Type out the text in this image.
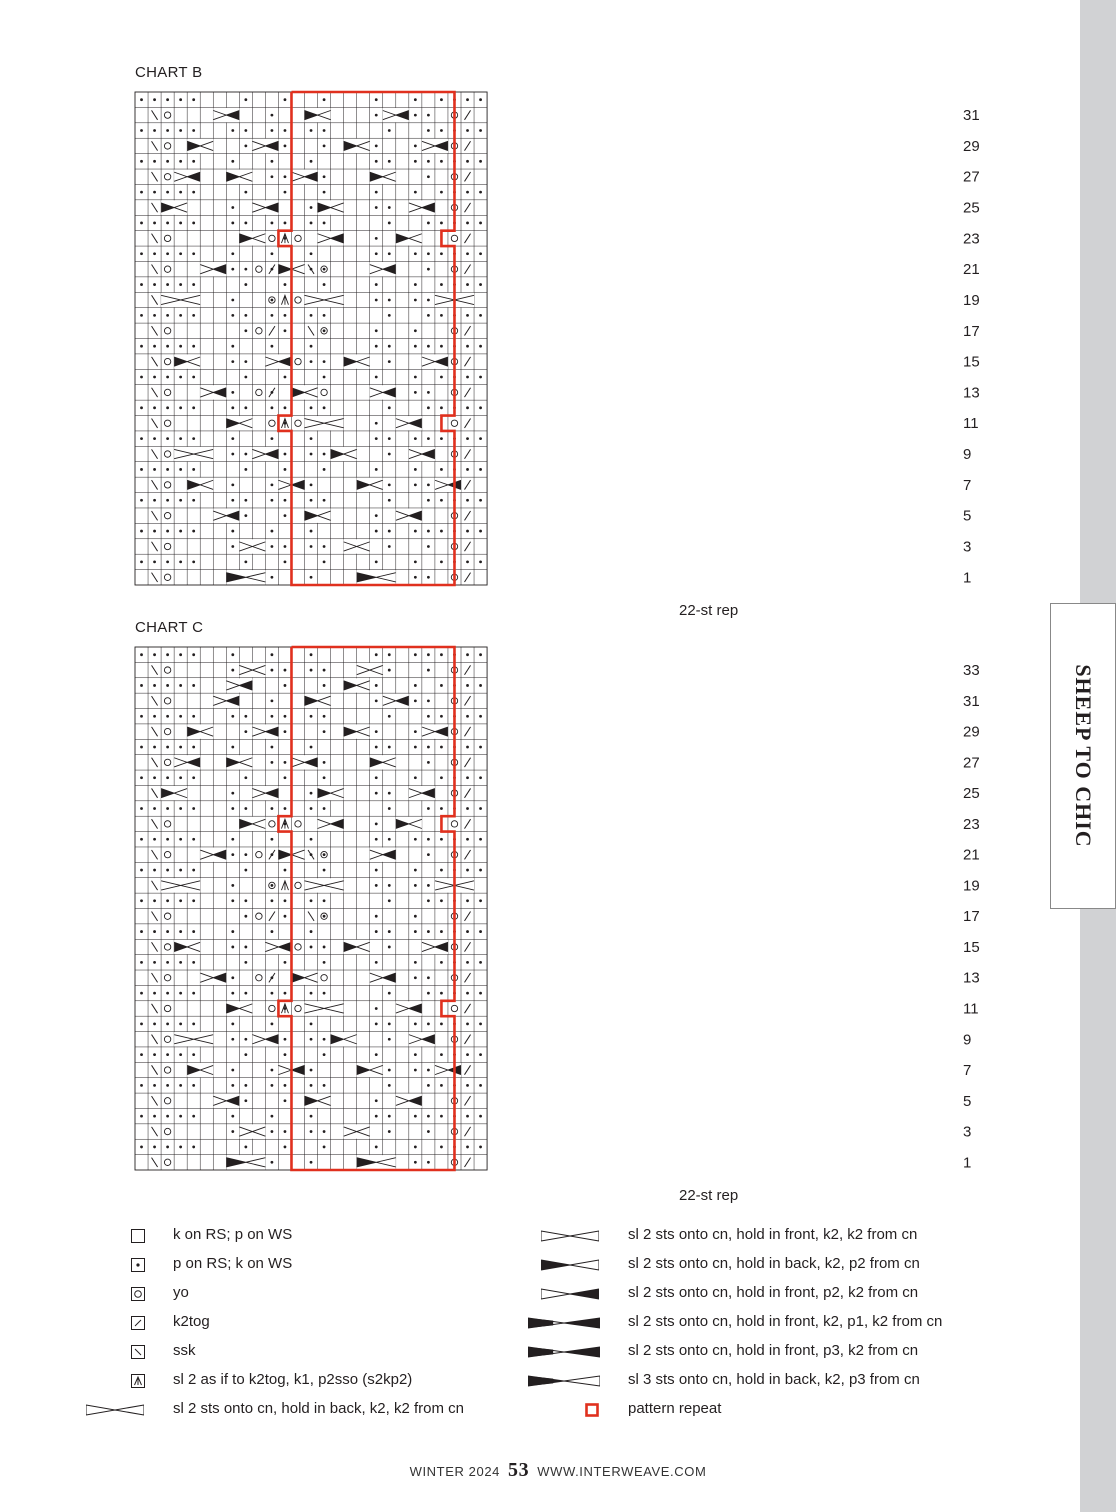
SHEEP TO CHIC
CHART B
31
29
27
25
23
21
19
17
15
13
11
9
7
5
3
1
22-st rep
CHART C
33
31
29
27
25
23
21
19
17
15
13
11
9
7
5
3
1
22-st rep
k on RS; p on WS
p on RS; k on WS
yo
k2tog
ssk
sl 2 as if to k2tog, k1, p2sso (s2kp2)
sl 2 sts onto cn, hold in back, k2, k2 from cn
sl 2 sts onto cn, hold in front, k2, k2 from cn
sl 2 sts onto cn, hold in back, k2, p2 from cn
sl 2 sts onto cn, hold in front, p2, k2 from cn
sl 2 sts onto cn, hold in front, k2, p1, k2 from cn
sl 2 sts onto cn, hold in front, p3, k2 from cn
sl 3 sts onto cn, hold in back, k2, p3 from cn
pattern repeat
WINTER 2024 53 WWW.INTERWEAVE.COM
